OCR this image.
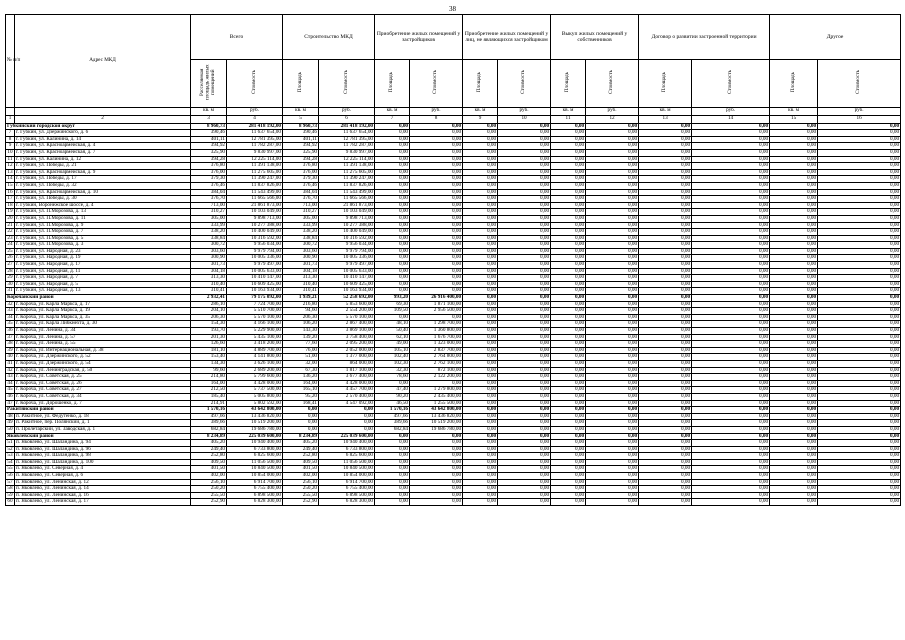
38
№ п/п	Адрес МКД	Всего		Строительство МКД		Приобретение жилых помещений у застройщиков		Приобретение жилых помещений у лиц, не являющихся застройщиком		Выкуп жилых помещений у собственников		Договор о развитии застроенной территории		Другое	
		Расселяемая площадь жилых помещений	Стоимость	Площадь	Стоимость	Площадь	Стоимость	Площадь	Стоимость	Площадь	Стоимость	Площадь	Стоимость	Площадь	Стоимость
		кв. м	руб.	кв. м	руб.	кв. м	руб.	кв. м	руб.	кв. м	руб.	кв. м	руб.	кв. м	руб.
1	2	3	4	5	6	7	8	9	10	11	12	13	14	15	16
Губкинский городской округ		8 960,73	281 418 192,00	8 960,73	281 418 192,00	0,00	0,00	0,00	0,00	0,00	0,00	0,00	0,00	0,00	0,00
7	г. Губкин, ул. Дзержинского, д. 6	390,46	11 637 654,00	390,46	11 637 654,00	0,00	0,00	0,00	0,00	0,00	0,00	0,00	0,00	0,00	0,00
8	г. Губкин, ул. Калинина, д. 14	401,11	12 781 395,00	401,11	12 781 395,00	0,00	0,00	0,00	0,00	0,00	0,00	0,00	0,00	0,00	0,00
9	г. Губкин, ул. Красноармейская, д. 4	394,92	11 782 287,00	394,92	11 782 287,00	0,00	0,00	0,00	0,00	0,00	0,00	0,00	0,00	0,00	0,00
10	г. Губкин, ул. Красноармейская, д. 7	325,90	9 830 997,00	325,90	9 830 997,00	0,00	0,00	0,00	0,00	0,00	0,00	0,00	0,00	0,00	0,00
11	г. Губкин, ул. Калинина, д. 12	394,28	12 225 114,00	394,28	12 225 114,00	0,00	0,00	0,00	0,00	0,00	0,00	0,00	0,00	0,00	0,00
12	г. Губкин, ул. Победы, д. 21	376,80	11 391 138,00	376,80	11 391 138,00	0,00	0,00	0,00	0,00	0,00	0,00	0,00	0,00	0,00	0,00
13	г. Губкин, ул. Красноармейская, д. 9	376,00	11 275 605,00	376,00	11 275 605,00	0,00	0,00	0,00	0,00	0,00	0,00	0,00	0,00	0,00	0,00
14	г. Губкин, ул. Победы, д. 17	379,30	11 390 247,00	379,30	11 390 247,00	0,00	0,00	0,00	0,00	0,00	0,00	0,00	0,00	0,00	0,00
15	г. Губкин, ул. Победы, д. 32	376,46	11 837 826,00	376,46	11 837 826,00	0,00	0,00	0,00	0,00	0,00	0,00	0,00	0,00	0,00	0,00
16	г. Губкин, ул. Красноармейская, д. 10	384,04	11 543 499,00	384,04	11 543 499,00	0,00	0,00	0,00	0,00	0,00	0,00	0,00	0,00	0,00	0,00
17	г. Губкин, ул. Победы, д. 30	376,70	11 665 566,00	376,70	11 665 566,00	0,00	0,00	0,00	0,00	0,00	0,00	0,00	0,00	0,00	0,00
18	г. Губкин, Воронежское шоссе, д. 4	713,00	21 861 873,00	713,00	21 861 873,00	0,00	0,00	0,00	0,00	0,00	0,00	0,00	0,00	0,00	0,00
19	г. Губкин, ул. П.Морозова, д. 13	310,27	10 103 049,00	310,27	10 103 049,00	0,00	0,00	0,00	0,00	0,00	0,00	0,00	0,00	0,00	0,00
20	г. Губкин, ул. П.Морозова, д. 11	305,00	9 898 713,00	305,00	9 898 713,00	0,00	0,00	0,00	0,00	0,00	0,00	0,00	0,00	0,00	0,00
21	г. Губкин, ул. П.Морозова, д. 9	333,99	10 277 388,00	333,99	10 277 388,00	0,00	0,00	0,00	0,00	0,00	0,00	0,00	0,00	0,00	0,00
22	г. Губкин, ул. П.Морозова, д. 7	338,20	10 400 049,00	338,20	10 400 049,00	0,00	0,00	0,00	0,00	0,00	0,00	0,00	0,00	0,00	0,00
23	г. Губкин, ул. П.Морозова, д. 5	338,84	10 316 592,00	338,84	10 316 592,00	0,00	0,00	0,00	0,00	0,00	0,00	0,00	0,00	0,00	0,00
24	г. Губкин, ул. П.Морозова, д. 3	300,72	9 956 034,00	300,72	9 956 034,00	0,00	0,00	0,00	0,00	0,00	0,00	0,00	0,00	0,00	0,00
25	г. Губкин, ул. Народная, д. 23	303,60	9 979 794,00	303,60	9 979 794,00	0,00	0,00	0,00	0,00	0,00	0,00	0,00	0,00	0,00	0,00
26	г. Губкин, ул. Народная, д. 19	300,90	10 005 336,00	300,90	10 005 336,00	0,00	0,00	0,00	0,00	0,00	0,00	0,00	0,00	0,00	0,00
27	г. Губкин, ул. Народная, д. 17	301,73	9 979 497,00	301,73	9 979 497,00	0,00	0,00	0,00	0,00	0,00	0,00	0,00	0,00	0,00	0,00
28	г. Губкин, ул. Народная, д. 11	304,18	10 005 633,00	304,18	10 005 633,00	0,00	0,00	0,00	0,00	0,00	0,00	0,00	0,00	0,00	0,00
29	г. Губкин, ул. Народная, д. 7	313,30	10 410 147,00	313,30	10 410 147,00	0,00	0,00	0,00	0,00	0,00	0,00	0,00	0,00	0,00	0,00
30	г. Губкин, ул. Народная, д. 5	310,40	10 609 425,00	310,40	10 609 425,00	0,00	0,00	0,00	0,00	0,00	0,00	0,00	0,00	0,00	0,00
31	г. Губкин, ул. Народная, д. 13	310,41	10 163 934,00	310,41	10 163 934,00	0,00	0,00	0,00	0,00	0,00	0,00	0,00	0,00	0,00	0,00
Корочанский район		2 932,41	79 175 092,00	1 939,21	52 258 692,00	993,20	26 916 400,00	0,00	0,00	0,00	0,00	0,00	0,00	0,00	0,00
32	г. Короча, ул. Карла Маркса, д. 17	286,10	7 724 700,00	216,80	5 853 600,00	69,30	1 871 100,00	0,00	0,00	0,00	0,00	0,00	0,00	0,00	0,00
33	г. Короча, ул. Карла Маркса, д. 19	204,10	5 510 700,00	94,60	2 554 200,00	109,50	2 956 500,00	0,00	0,00	0,00	0,00	0,00	0,00	0,00	0,00
34	г. Короча, ул. Карла Маркса, д. 35	206,30	5 570 100,00	206,30	5 570 100,00	0,00	0,00	0,00	0,00	0,00	0,00	0,00	0,00	0,00	0,00
35	г. Короча, ул. Карла Либкнехта, д. 30	154,30	4 166 100,00	106,20	2 867 400,00	48,10	1 298 700,00	0,00	0,00	0,00	0,00	0,00	0,00	0,00	0,00
36	г. Короча, ул. Ленина, д. 34	193,70	5 229 900,00	143,30	3 869 100,00	50,40	1 360 800,00	0,00	0,00	0,00	0,00	0,00	0,00	0,00	0,00
37	г. Короча, ул. Ленина, д. 57	201,30	5 435 100,00	139,20	3 758 400,00	62,10	1 676 700,00	0,00	0,00	0,00	0,00	0,00	0,00	0,00	0,00
38	г. Короча, ул. Ленина, д. 55	126,60	3 418 200,00	77,60	2 095 200,00	49,00	1 323 000,00	0,00	0,00	0,00	0,00	0,00	0,00	0,00	0,00
39	г. Короча, ул. Интернациональная, д. 38	181,10	4 889 700,00	76,00	2 052 000,00	105,10	2 837 700,00	0,00	0,00	0,00	0,00	0,00	0,00	0,00	0,00
40	г. Короча, ул. Дзержинского, д. 52	153,40	4 141 800,00	51,00	1 377 000,00	102,40	2 764 800,00	0,00	0,00	0,00	0,00	0,00	0,00	0,00	0,00
41	г. Короча, ул. Дзержинского, д. 54	134,30	3 626 100,00	32,00	864 000,00	102,30	2 762 100,00	0,00	0,00	0,00	0,00	0,00	0,00	0,00	0,00
42	г. Короча, ул. Ленинградская, д. 50	99,60	2 689 200,00	67,30	1 817 100,00	32,30	872 100,00	0,00	0,00	0,00	0,00	0,00	0,00	0,00	0,00
43	г. Короча, ул. Советская, д. 25	214,80	5 799 600,00	136,20	3 677 400,00	78,60	2 122 200,00	0,00	0,00	0,00	0,00	0,00	0,00	0,00	0,00
44	г. Короча, ул. Советская, д. 26	164,00	4 428 000,00	164,00	4 428 000,00	0,00	0,00	0,00	0,00	0,00	0,00	0,00	0,00	0,00	0,00
45	г. Короча, ул. Советская, д. 27	212,50	5 737 500,00	165,10	4 457 700,00	47,40	1 279 800,00	0,00	0,00	0,00	0,00	0,00	0,00	0,00	0,00
46	г. Короча, ул. Советская, д. 34	185,40	5 005 800,00	95,20	2 570 400,00	90,20	2 435 400,00	0,00	0,00	0,00	0,00	0,00	0,00	0,00	0,00
47	г. Короча, ул. Дорошенко, д. 7	214,91	5 802 592,00	168,41	4 547 092,00	46,50	1 255 500,00	0,00	0,00	0,00	0,00	0,00	0,00	0,00	0,00
Ракитянский район		1 570,16	43 642 800,00	0,00	0,00	1 570,16	43 642 800,00	0,00	0,00	0,00	0,00	0,00	0,00	0,00	0,00
48	п. Ракитное, ул. Федутенко, д. 18	497,66	13 436 820,00	0,00	0,00	497,66	13 436 820,00	0,00	0,00	0,00	0,00	0,00	0,00	0,00	0,00
49	п. Ракитное, пер. Полянский, д. 1	389,66	10 519 200,00	0,00	0,00	389,66	10 519 200,00	0,00	0,00	0,00	0,00	0,00	0,00	0,00	0,00
50	п. Пролетарский, ул. Заводская, д. 1	682,84	19 686 780,00	0,00	0,00	682,84	19 686 780,00	0,00	0,00	0,00	0,00	0,00	0,00	0,00	0,00
Яковлевский район		8 234,89	225 039 600,00	8 234,89	225 039 600,00	0,00	0,00	0,00	0,00	0,00	0,00	0,00	0,00	0,00	0,00
51	п. Яковлево, ул. Шаландина, д. 94	405,20	10 940 400,00	405,20	10 940 400,00	0,00	0,00	0,00	0,00	0,00	0,00	0,00	0,00	0,00	0,00
52	п. Яковлево, ул. Шаландина, д. 96	249,40	6 733 800,00	249,40	6 733 800,00	0,00	0,00	0,00	0,00	0,00	0,00	0,00	0,00	0,00	0,00
53	п. Яковлево, ул. Шаландина, д. 98	252,80	6 825 600,00	252,80	6 825 600,00	0,00	0,00	0,00	0,00	0,00	0,00	0,00	0,00	0,00	0,00
54	п. Яковлево, ул. Шаландина, д. 100	409,50	11 056 500,00	409,50	11 056 500,00	0,00	0,00	0,00	0,00	0,00	0,00	0,00	0,00	0,00	0,00
55	п. Яковлево, ул. Северная, д. 4	401,50	10 840 500,00	401,50	10 840 500,00	0,00	0,00	0,00	0,00	0,00	0,00	0,00	0,00	0,00	0,00
56	п. Яковлево, ул. Северная, д. 6	402,00	10 854 000,00	402,00	10 854 000,00	0,00	0,00	0,00	0,00	0,00	0,00	0,00	0,00	0,00	0,00
57	п. Яковлево, ул. Ленинская, д. 12	256,10	6 914 700,00	256,10	6 914 700,00	0,00	0,00	0,00	0,00	0,00	0,00	0,00	0,00	0,00	0,00
58	п. Яковлево, ул. Ленинская, д. 14	250,20	6 755 400,00	250,20	6 755 400,00	0,00	0,00	0,00	0,00	0,00	0,00	0,00	0,00	0,00	0,00
59	п. Яковлево, ул. Ленинская, д. 16	255,50	6 898 500,00	255,50	6 898 500,00	0,00	0,00	0,00	0,00	0,00	0,00	0,00	0,00	0,00	0,00
60	п. Яковлево, ул. Ленинская, д. 17	252,90	6 828 300,00	252,90	6 828 300,00	0,00	0,00	0,00	0,00	0,00	0,00	0,00	0,00	0,00	0,00
